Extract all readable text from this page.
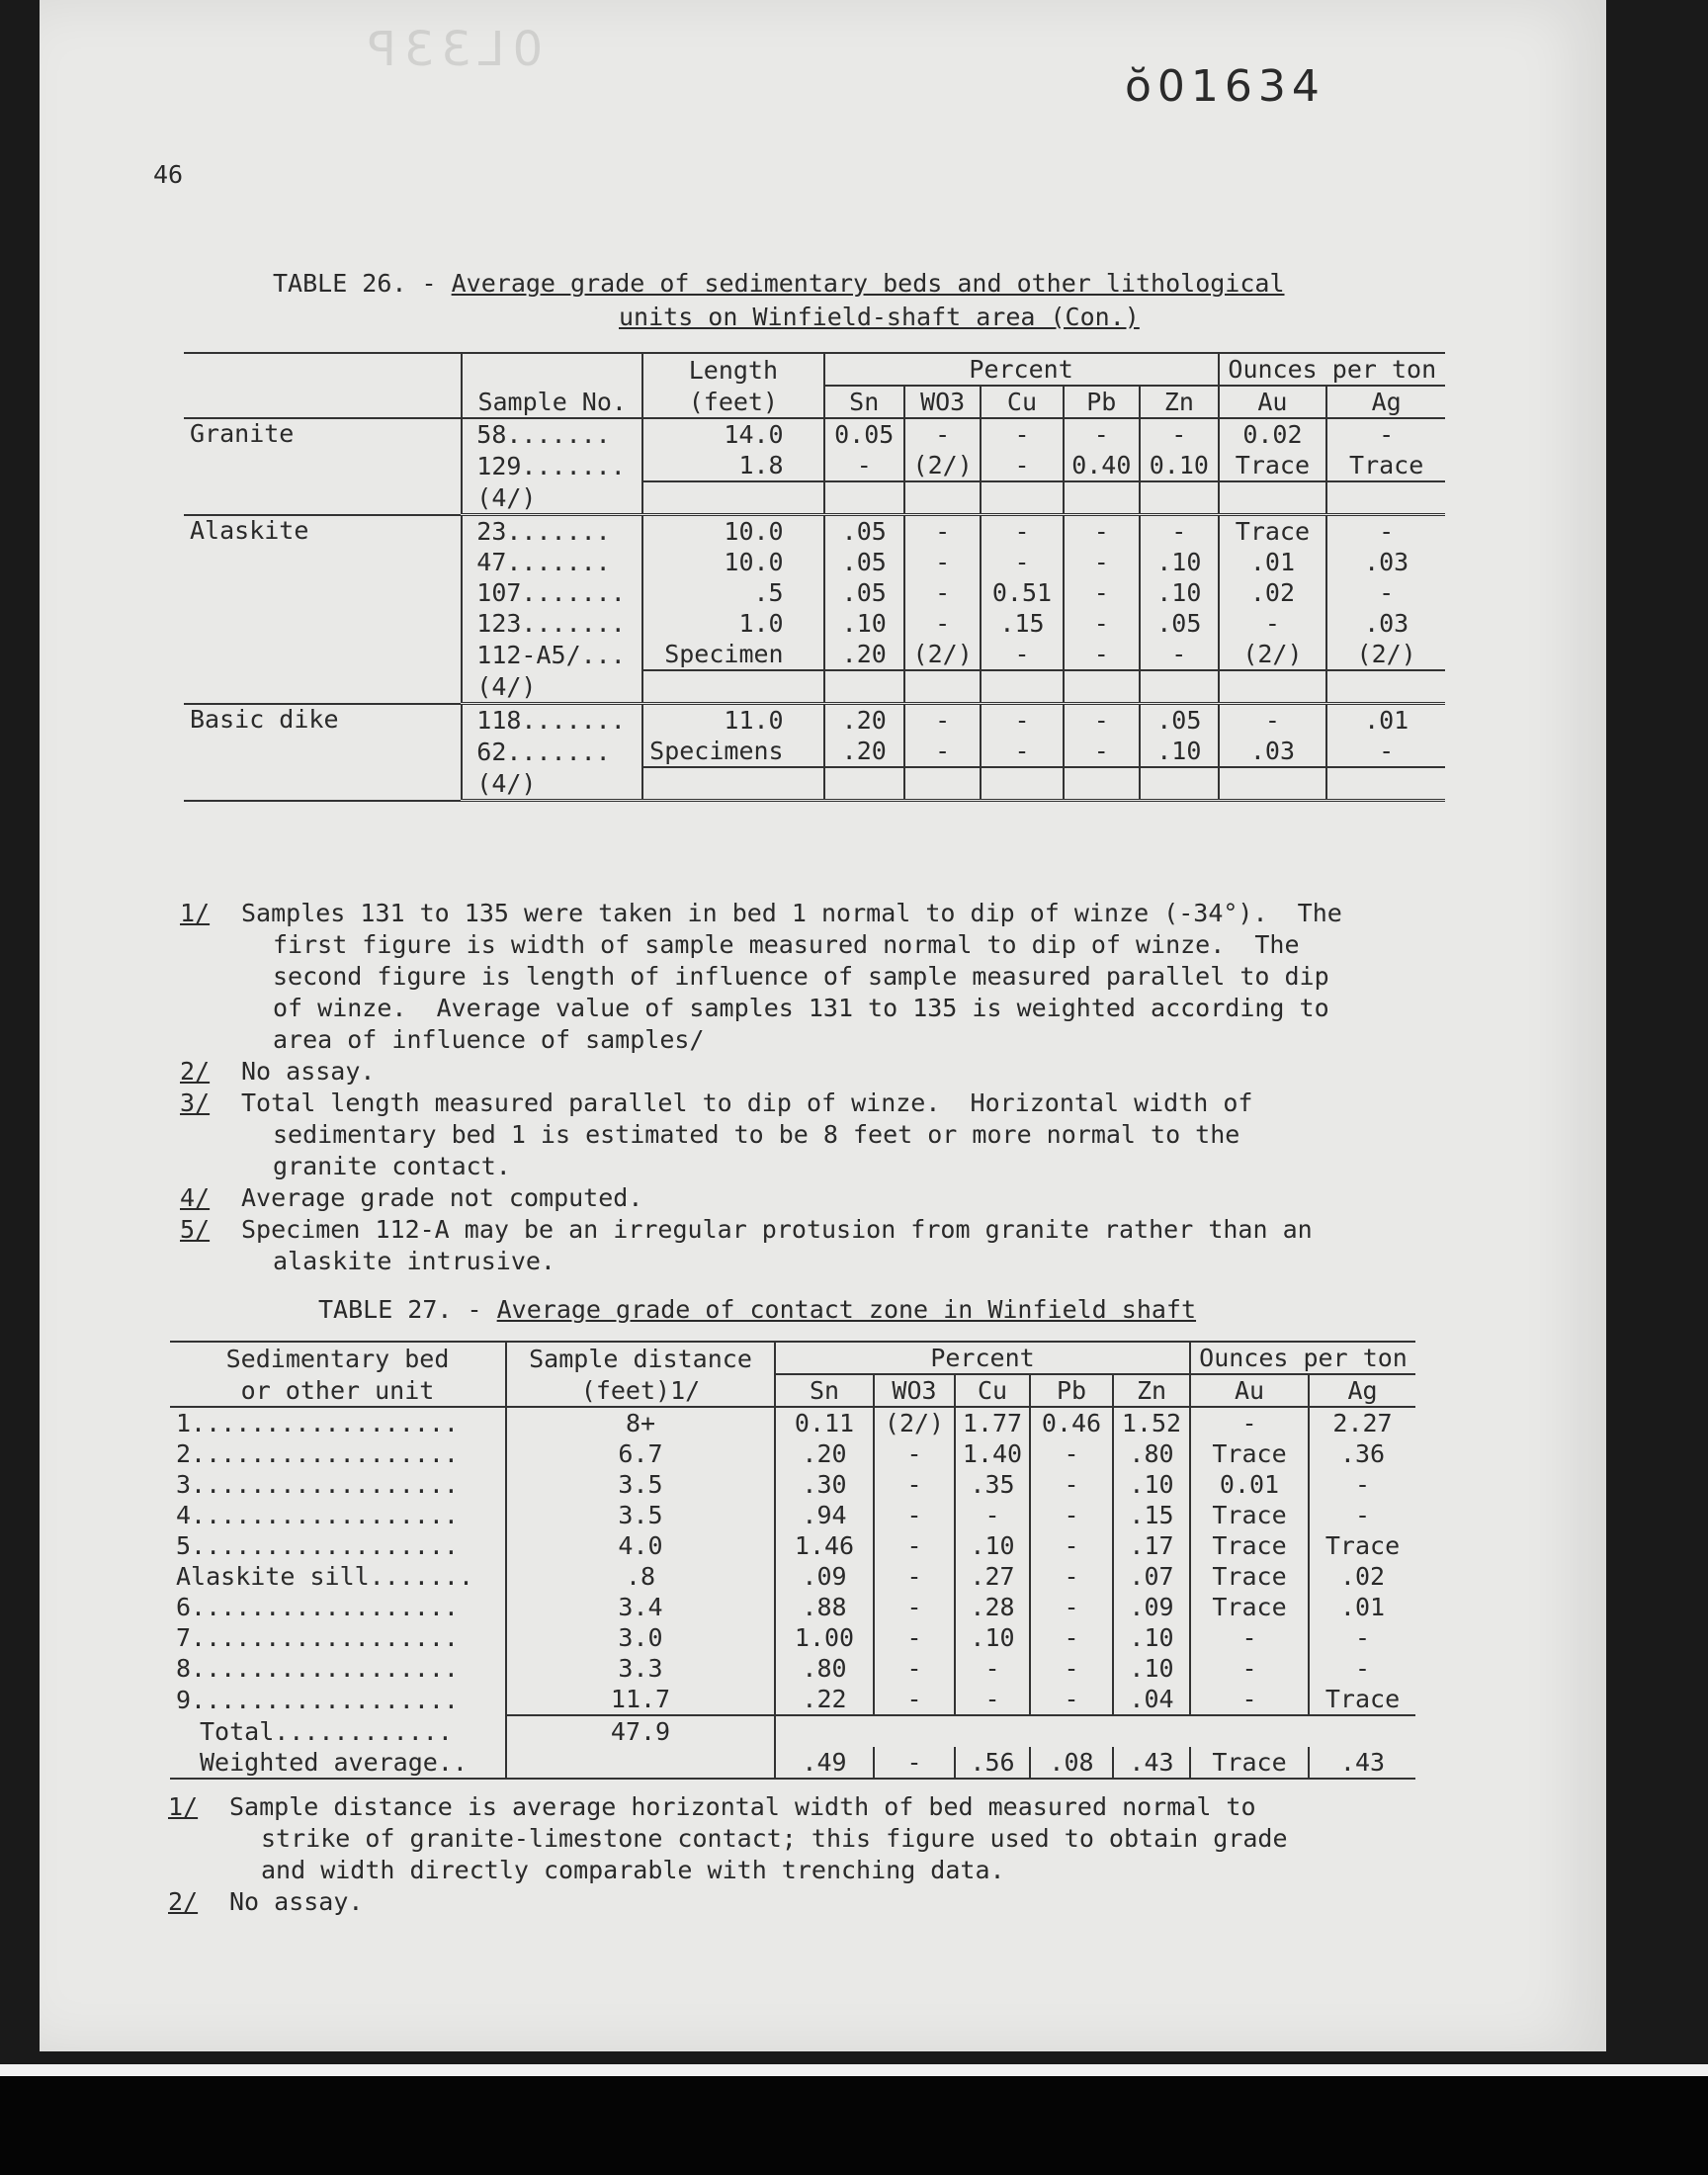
ꟼƐƐ⅃0
46
ŏ01634
TABLE 26. - Average grade of sedimentary beds and other lithological
units on Winfield-shaft area (Con.)
		Length	Percent					Ounces per ton	
	Sample No.	(feet)	Sn	WO3	Cu	Pb	Zn	Au	Ag
Granite	58.......	14.0	0.05	-	-	-	-	0.02	-
	129.......	1.8	-	(2/)	-	0.40	0.10	Trace	Trace
	(4/)								
Alaskite	23.......	10.0	.05	-	-	-	-	Trace	-
	47.......	10.0	.05	-	-	-	.10	.01	.03
	107.......	.5	.05	-	0.51	-	.10	.02	-
	123.......	1.0	.10	-	.15	-	.05	-	.03
	112-A5/...	Specimen	.20	(2/)	-	-	-	(2/)	(2/)
	(4/)								
Basic dike	118.......	11.0	.20	-	-	-	.05	-	.01
	62.......	Specimens	.20	-	-	-	.10	.03	-
	(4/)								
1/ Samples 131 to 135 were taken in bed 1 normal to dip of winze (-34°).  The
first figure is width of sample measured normal to dip of winze.  The
second figure is length of influence of sample measured parallel to dip
of winze.  Average value of samples 131 to 135 is weighted according to
area of influence of samples/
2/ No assay.
3/ Total length measured parallel to dip of winze.  Horizontal width of
sedimentary bed 1 is estimated to be 8 feet or more normal to the
granite contact.
4/ Average grade not computed.
5/ Specimen 112-A may be an irregular protusion from granite rather than an
alaskite intrusive.
TABLE 27. - Average grade of contact zone in Winfield shaft
Sedimentary bed	Sample distance	Percent					Ounces per ton	
or other unit	(feet)1/	Sn	WO3	Cu	Pb	Zn	Au	Ag
1..................	8+	0.11	(2/)	1.77	0.46	1.52	-	2.27
2..................	6.7	.20	-	1.40	-	.80	Trace	.36
3..................	3.5	.30	-	.35	-	.10	0.01	-
4..................	3.5	.94	-	-	-	.15	Trace	-
5..................	4.0	1.46	-	.10	-	.17	Trace	Trace
Alaskite sill.......	.8	.09	-	.27	-	.07	Trace	.02
6..................	3.4	.88	-	.28	-	.09	Trace	.01
7..................	3.0	1.00	-	.10	-	.10	-	-
8..................	3.3	.80	-	-	-	.10	-	-
9..................	11.7	.22	-	-	-	.04	-	Trace
Total............	47.9							
Weighted average..		.49	-	.56	.08	.43	Trace	.43
1/ Sample distance is average horizontal width of bed measured normal to
strike of granite-limestone contact; this figure used to obtain grade
and width directly comparable with trenching data.
2/ No assay.
